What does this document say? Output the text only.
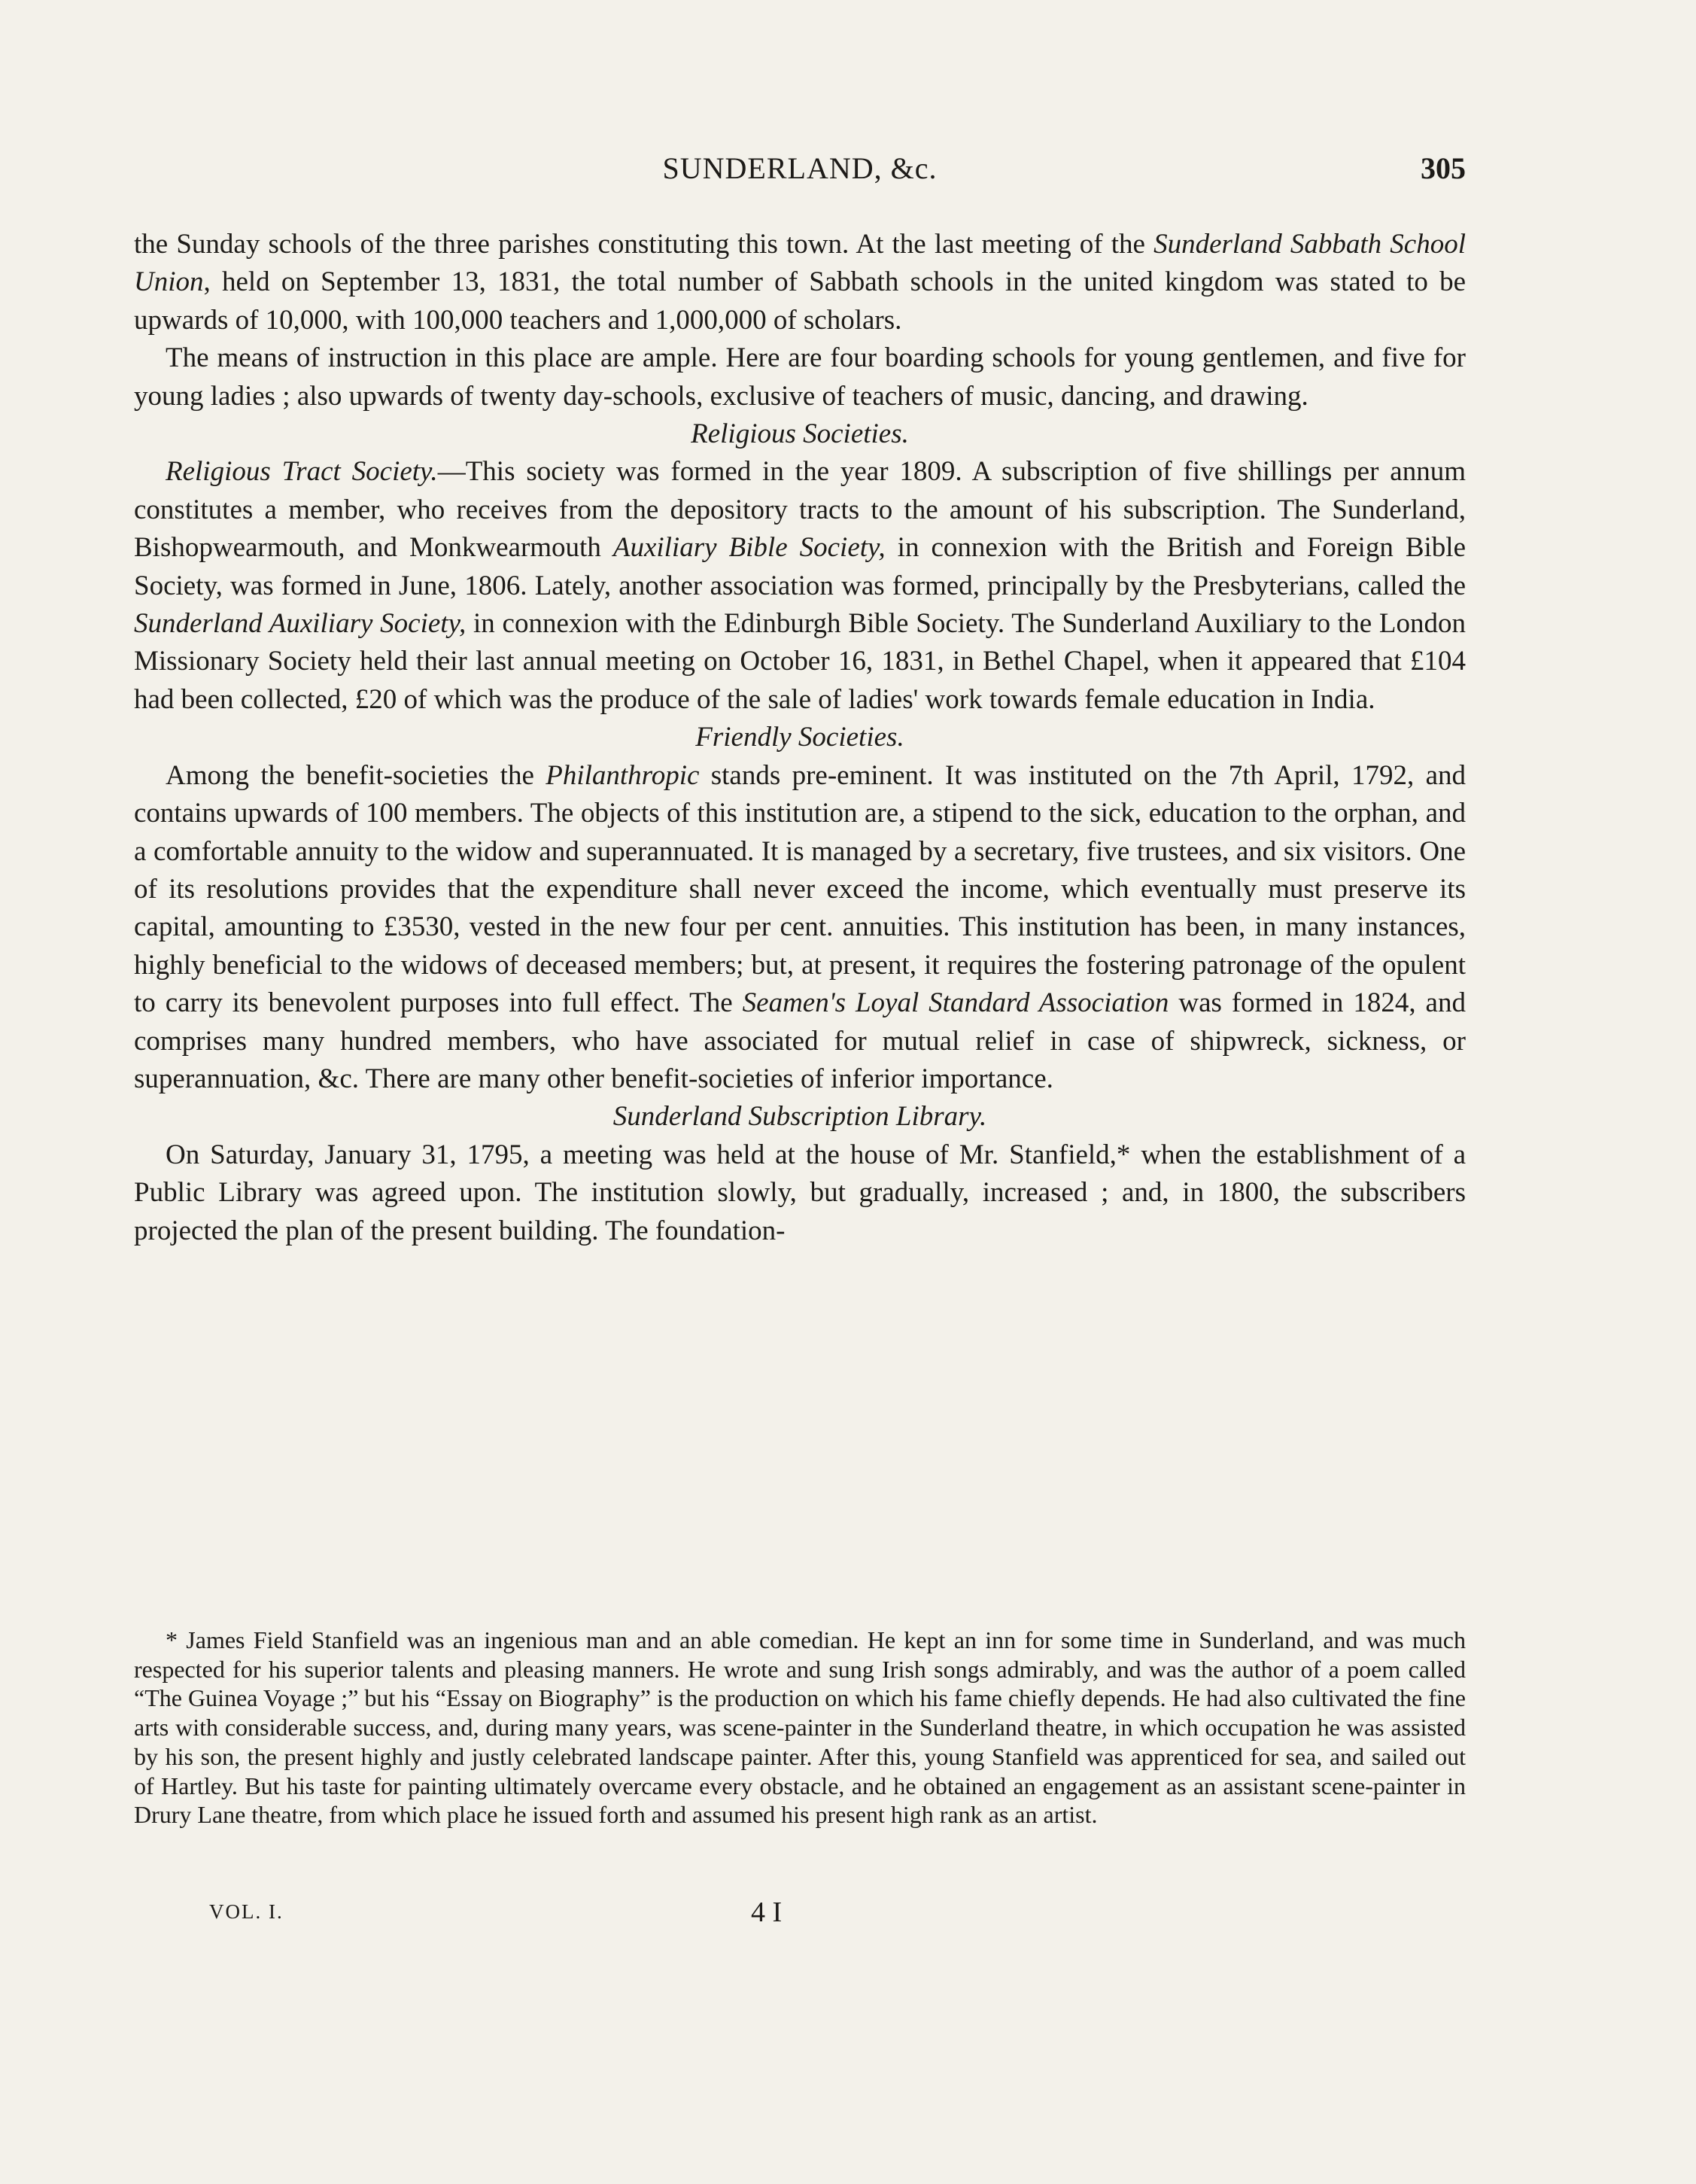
SUNDERLAND, &c.	305

the Sunday schools of the three parishes constituting this town. At the last meeting of the Sunderland Sabbath School Union, held on September 13, 1831, the total number of Sabbath schools in the united kingdom was stated to be upwards of 10,000, with 100,000 teachers and 1,000,000 of scholars.

The means of instruction in this place are ample. Here are four boarding schools for young gentlemen, and five for young ladies ; also upwards of twenty day-schools, exclusive of teachers of music, dancing, and drawing.

Religious Societies.

Religious Tract Society.—This society was formed in the year 1809. A subscription of five shillings per annum constitutes a member, who receives from the depository tracts to the amount of his subscription. The Sunderland, Bishopwearmouth, and Monkwearmouth Auxiliary Bible Society, in connexion with the British and Foreign Bible Society, was formed in June, 1806. Lately, another association was formed, principally by the Presbyterians, called the Sunderland Auxiliary Society, in connexion with the Edinburgh Bible Society. The Sunderland Auxiliary to the London Missionary Society held their last annual meeting on October 16, 1831, in Bethel Chapel, when it appeared that £104 had been collected, £20 of which was the produce of the sale of ladies' work towards female education in India.

Friendly Societies.

Among the benefit-societies the Philanthropic stands pre-eminent. It was instituted on the 7th April, 1792, and contains upwards of 100 members. The objects of this institution are, a stipend to the sick, education to the orphan, and a comfortable annuity to the widow and superannuated. It is managed by a secretary, five trustees, and six visitors. One of its resolutions provides that the expenditure shall never exceed the income, which eventually must preserve its capital, amounting to £3530, vested in the new four per cent. annuities. This institution has been, in many instances, highly beneficial to the widows of deceased members; but, at present, it requires the fostering patronage of the opulent to carry its benevolent purposes into full effect. The Seamen's Loyal Standard Association was formed in 1824, and comprises many hundred members, who have associated for mutual relief in case of shipwreck, sickness, or superannuation, &c. There are many other benefit-societies of inferior importance.

Sunderland Subscription Library.

On Saturday, January 31, 1795, a meeting was held at the house of Mr. Stanfield,* when the establishment of a Public Library was agreed upon. The institution slowly, but gradually, increased ; and, in 1800, the subscribers projected the plan of the present building. The foundation-

* James Field Stanfield was an ingenious man and an able comedian. He kept an inn for some time in Sunderland, and was much respected for his superior talents and pleasing manners. He wrote and sung Irish songs admirably, and was the author of a poem called “The Guinea Voyage ;” but his “Essay on Biography” is the production on which his fame chiefly depends. He had also cultivated the fine arts with considerable success, and, during many years, was scene-painter in the Sunderland theatre, in which occupation he was assisted by his son, the present highly and justly celebrated landscape painter. After this, young Stanfield was apprenticed for sea, and sailed out of Hartley. But his taste for painting ultimately overcame every obstacle, and he obtained an engagement as an assistant scene-painter in Drury Lane theatre, from which place he issued forth and assumed his present high rank as an artist.

VOL. I.	4 I
